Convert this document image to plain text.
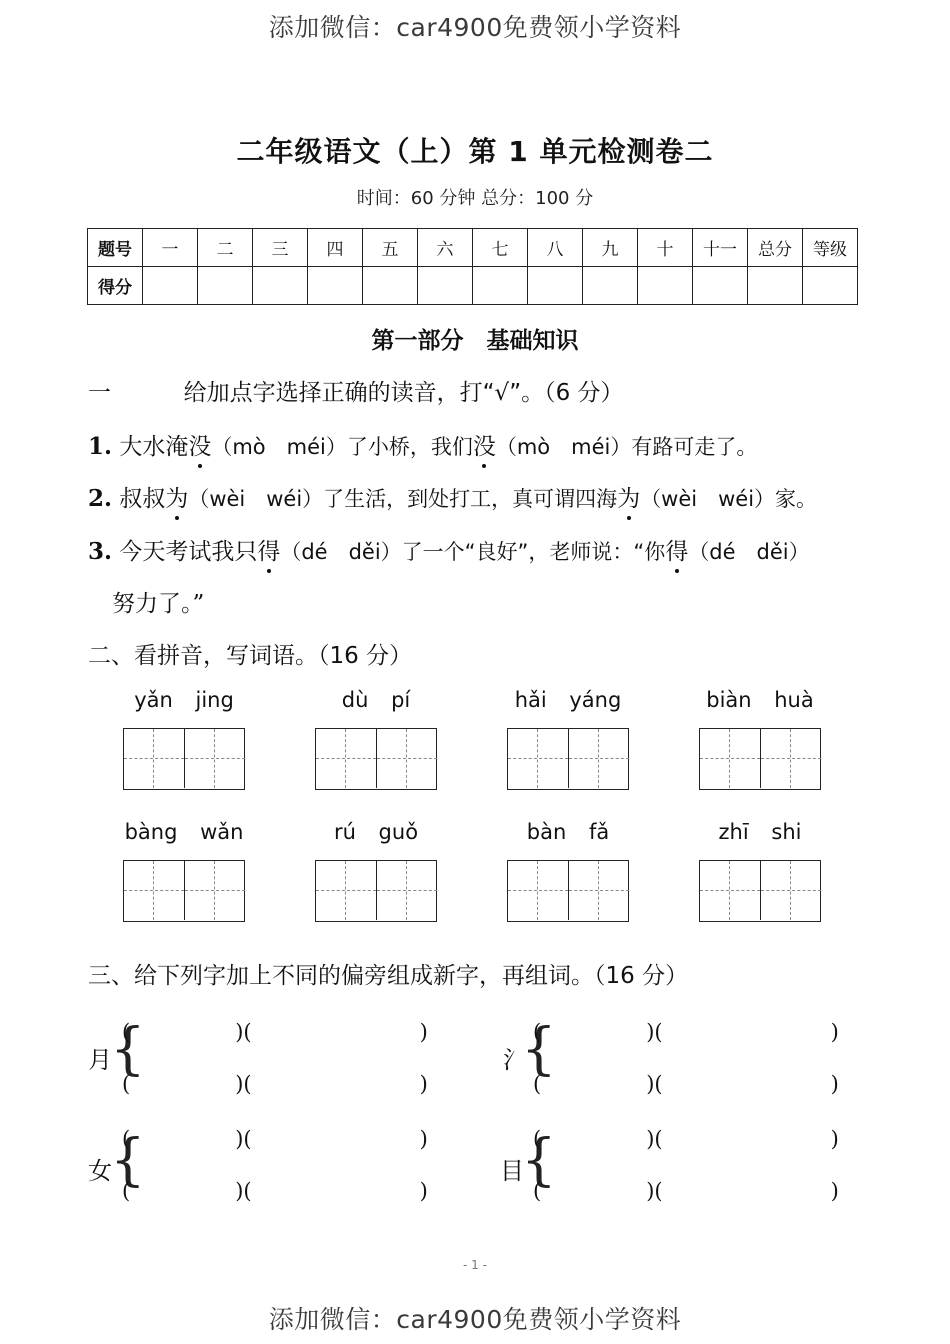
添加微信：car4900免费领小学资料
二年级语文（上）第 1 单元检测卷二
时间：60 分钟 总分：100 分
题号	一	二	三	四	五	六	七	八	九	十	十一	总分	等级
得分													
第一部分　基础知识
一	给加点字选择正确的读音，打“√”。（6 分）
1. 大水淹没（mò　méi）了小桥，我们没（mò　méi）有路可走了。
2. 叔叔为（wèi　wéi）了生活，到处打工，真可谓四海为（wèi　wéi）家。
3. 今天考试我只得（dé　děi）了一个“良好”，老师说：“你得（dé　děi）
努力了。”
二、看拼音，写词语。（16 分）
yǎn jing	dù pí	hǎi yáng	biàn huà
bàng wǎn	rú guǒ	bàn fǎ	zhī shi
三、给下列字加上不同的偏旁组成新字，再组词。（16 分）
月
{
(　　　　　)(　　　　　　　　)
(　　　　　)(　　　　　　　　)
氵
{
(　　　　　)(　　　　　　　　)
(　　　　　)(　　　　　　　　)
女
{
(　　　　　)(　　　　　　　　)
(　　　　　)(　　　　　　　　)
目
{
(　　　　　)(　　　　　　　　)
(　　　　　)(　　　　　　　　)
- 1 -
添加微信：car4900免费领小学资料
